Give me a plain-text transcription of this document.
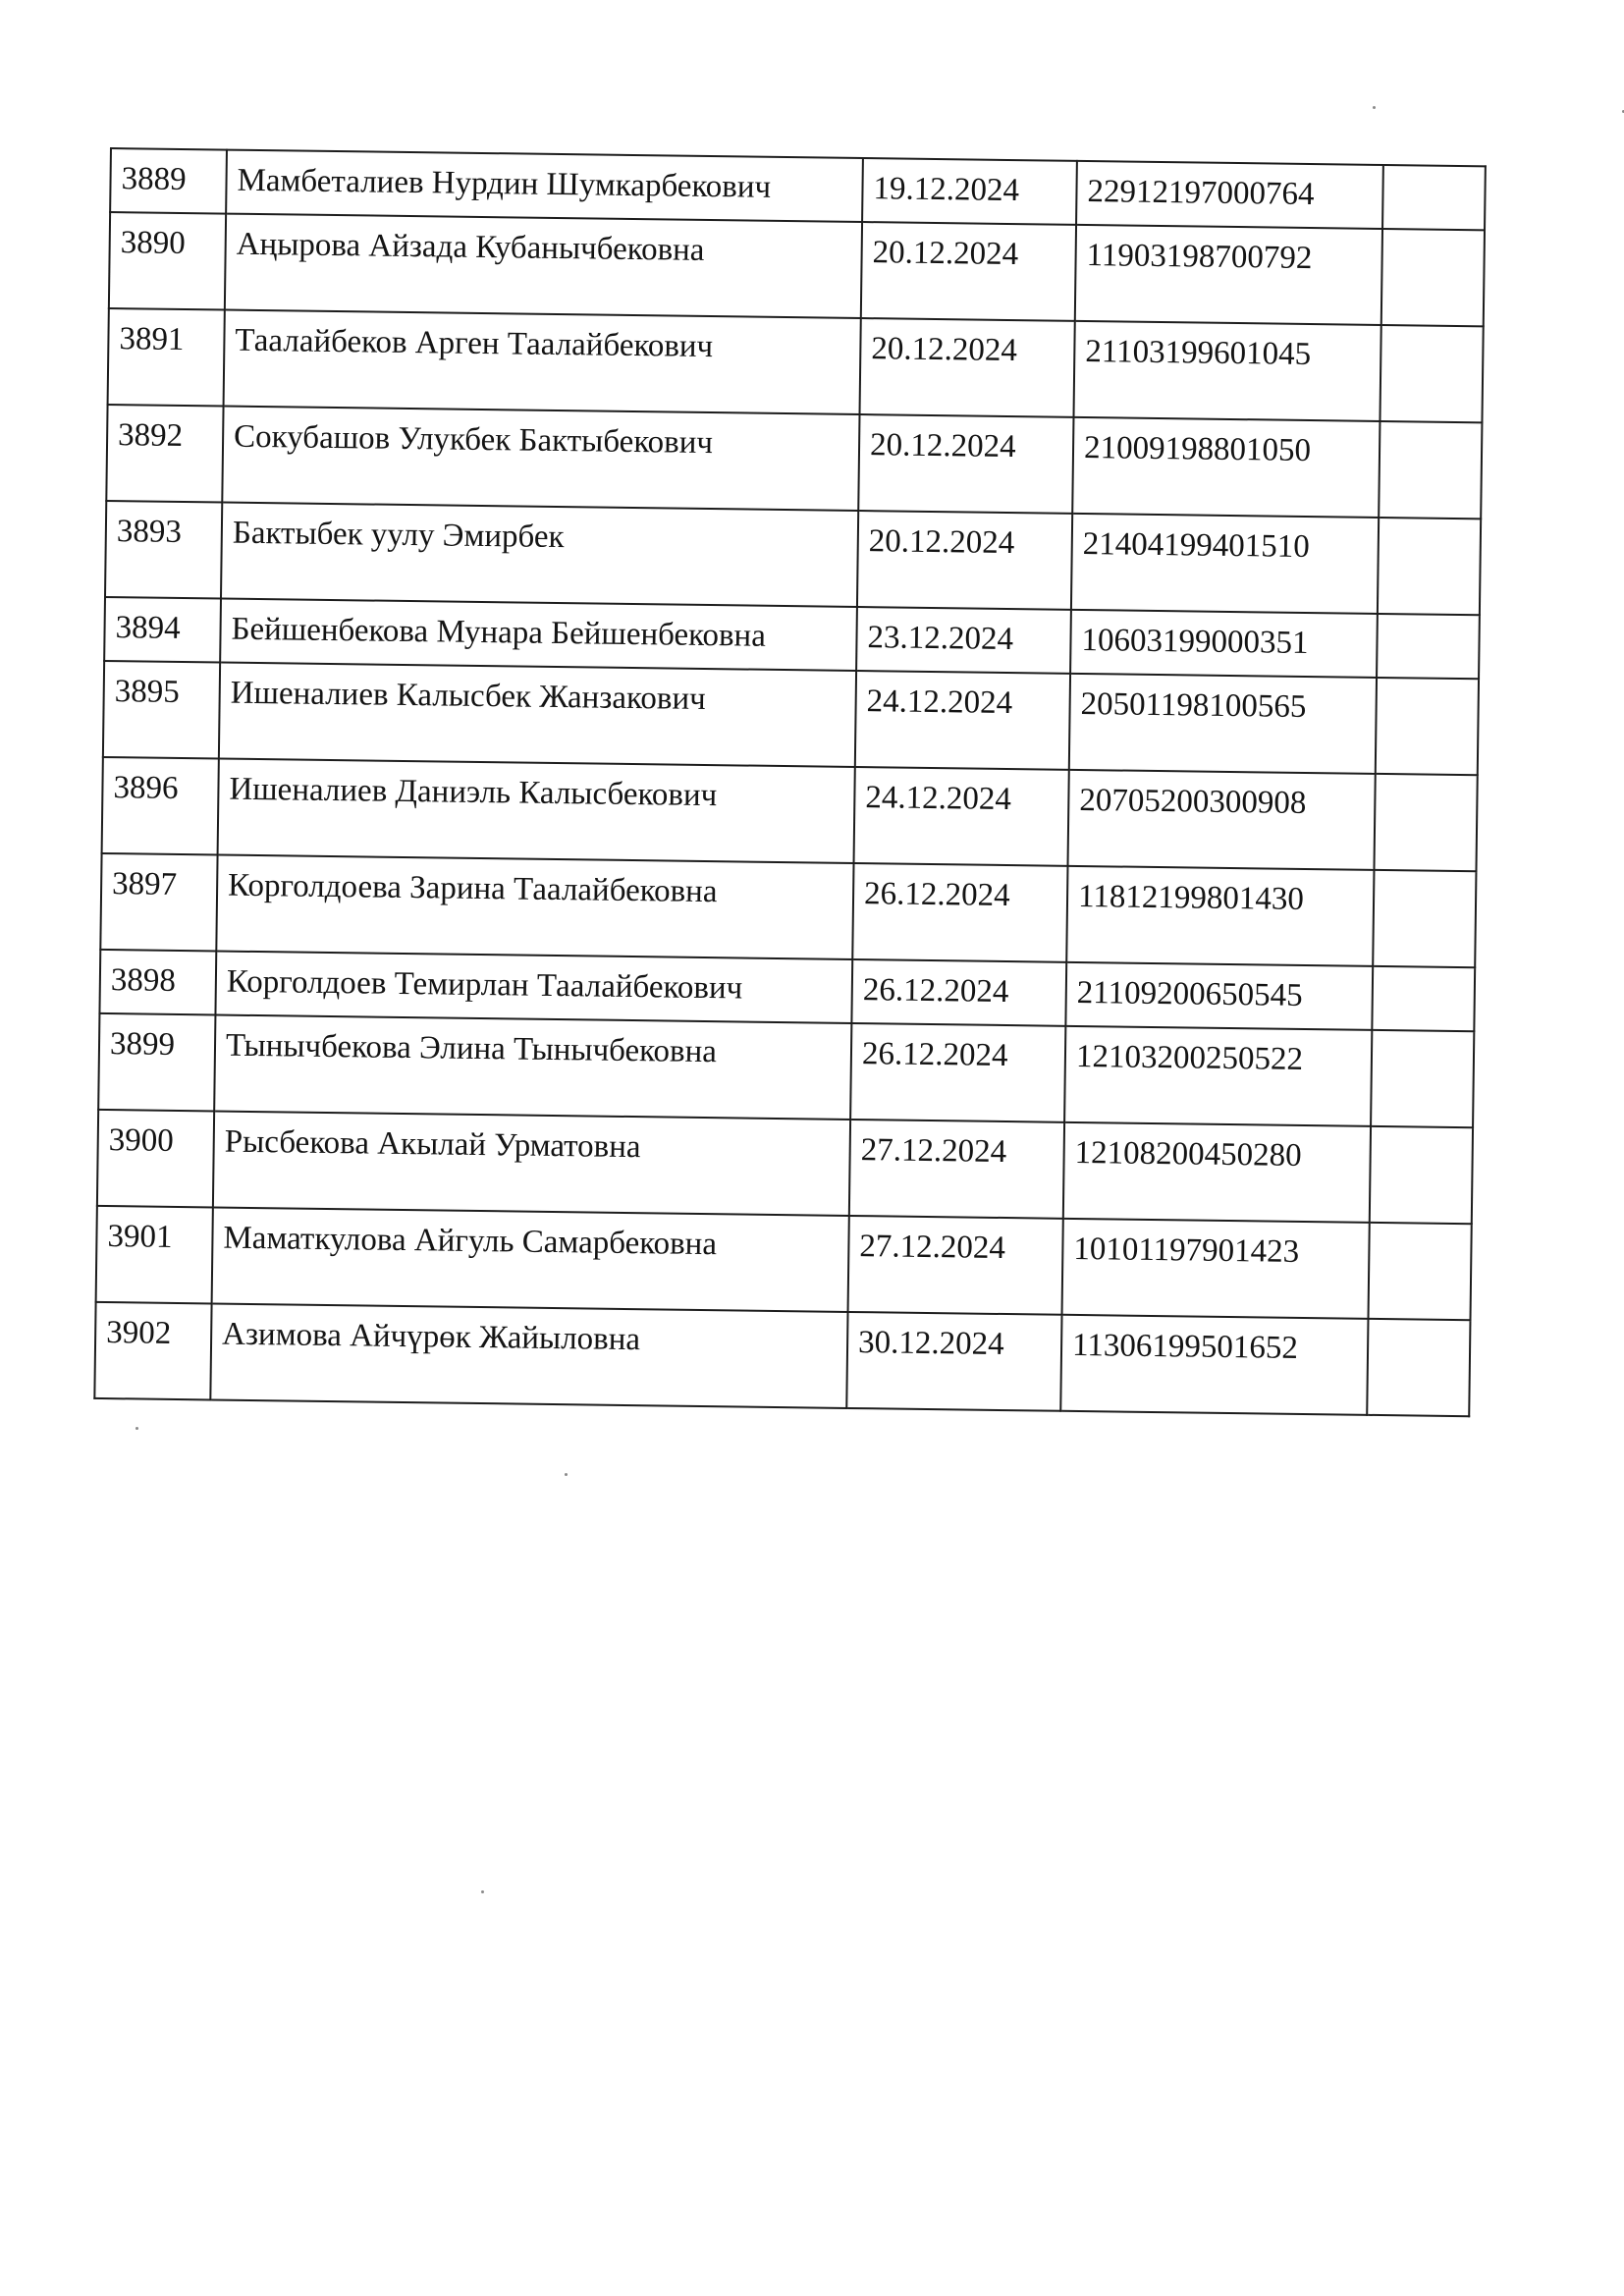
3889	Мамбеталиев Нурдин Шумкарбекович	19.12.2024	22912197000764	
3890	Аңырова Айзада Кубанычбековна	20.12.2024	11903198700792	
3891	Таалайбеков Арген Таалайбекович	20.12.2024	21103199601045	
3892	Сокубашов Улукбек Бактыбекович	20.12.2024	21009198801050	
3893	Бактыбек уулу Эмирбек	20.12.2024	21404199401510	
3894	Бейшенбекова Мунара Бейшенбековна	23.12.2024	10603199000351	
3895	Ишеналиев Калысбек Жанзакович	24.12.2024	20501198100565	
3896	Ишеналиев Даниэль Калысбекович	24.12.2024	20705200300908	
3897	Корголдоева Зарина Таалайбековна	26.12.2024	11812199801430	
3898	Корголдоев Темирлан Таалайбекович	26.12.2024	21109200650545	
3899	Тынычбекова Элина Тынычбековна	26.12.2024	12103200250522	
3900	Рысбекова Акылай Урматовна	27.12.2024	12108200450280	
3901	Маматкулова Айгуль Самарбековна	27.12.2024	10101197901423	
3902	Азимова Айчүрөк Жайыловна	30.12.2024	11306199501652	
